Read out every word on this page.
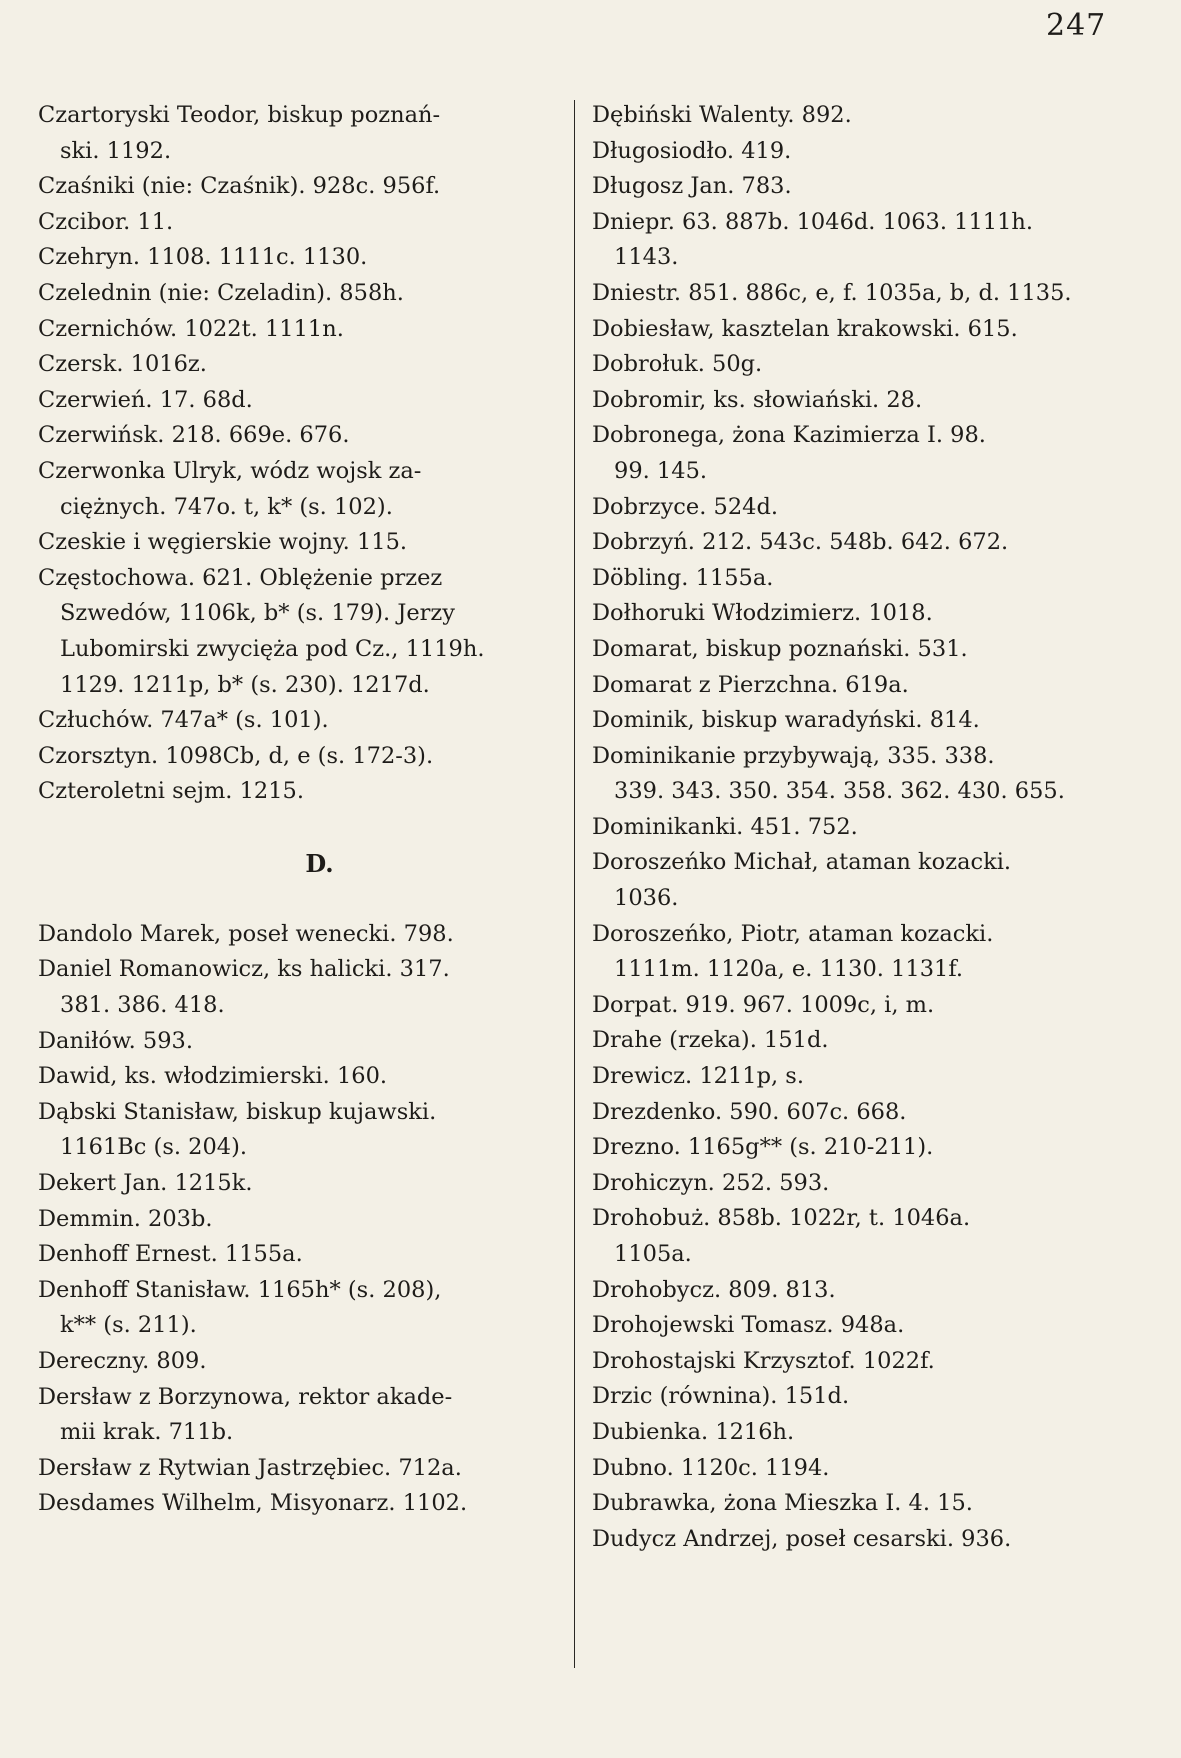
247
Czartoryski Teodor, biskup poznań-
ski. 1192.
Czaśniki (nie: Czaśnik). 928c. 956f.
Czcibor. 11.
Czehryn. 1108. 1111c. 1130.
Czelednin (nie: Czeladin). 858h.
Czernichów. 1022t. 1111n.
Czersk. 1016z.
Czerwień. 17. 68d.
Czerwińsk. 218. 669e. 676.
Czerwonka Ulryk, wódz wojsk za-
ciężnych. 747o. t, k* (s. 102).
Czeskie i węgierskie wojny. 115.
Częstochowa. 621. Oblężenie przez
Szwedów, 1106k, b* (s. 179). Jerzy
Lubomirski zwycięża pod Cz., 1119h.
1129. 1211p, b* (s. 230). 1217d.
Człuchów. 747a* (s. 101).
Czorsztyn. 1098Cb, d, e (s. 172-3).
Czteroletni sejm. 1215.
D.
Dandolo Marek, poseł wenecki. 798.
Daniel Romanowicz, ks halicki. 317.
381. 386. 418.
Daniłów. 593.
Dawid, ks. włodzimierski. 160.
Dąbski Stanisław, biskup kujawski.
1161Bc (s. 204).
Dekert Jan. 1215k.
Demmin. 203b.
Denhoff Ernest. 1155a.
Denhoff Stanisław. 1165h* (s. 208),
k** (s. 211).
Dereczny. 809.
Dersław z Borzynowa, rektor akade-
mii krak. 711b.
Dersław z Rytwian Jastrzębiec. 712a.
Desdames Wilhelm, Misyonarz. 1102.
Dębiński Walenty. 892.
Długosiodło. 419.
Długosz Jan. 783.
Dniepr. 63. 887b. 1046d. 1063. 1111h.
1143.
Dniestr. 851. 886c, e, f. 1035a, b, d. 1135.
Dobiesław, kasztelan krakowski. 615.
Dobrołuk. 50g.
Dobromir, ks. słowiański. 28.
Dobronega, żona Kazimierza I. 98.
99. 145.
Dobrzyce. 524d.
Dobrzyń. 212. 543c. 548b. 642. 672.
Döbling. 1155a.
Dołhoruki Włodzimierz. 1018.
Domarat, biskup poznański. 531.
Domarat z Pierzchna. 619a.
Dominik, biskup waradyński. 814.
Dominikanie przybywają, 335. 338.
339. 343. 350. 354. 358. 362. 430. 655.
Dominikanki. 451. 752.
Doroszeńko Michał, ataman kozacki.
1036.
Doroszeńko, Piotr, ataman kozacki.
1111m. 1120a, e. 1130. 1131f.
Dorpat. 919. 967. 1009c, i, m.
Drahe (rzeka). 151d.
Drewicz. 1211p, s.
Drezdenko. 590. 607c. 668.
Drezno. 1165g** (s. 210-211).
Drohiczyn. 252. 593.
Drohobuż. 858b. 1022r, t. 1046a.
1105a.
Drohobycz. 809. 813.
Drohojewski Tomasz. 948a.
Drohostajski Krzysztof. 1022f.
Drzic (równina). 151d.
Dubienka. 1216h.
Dubno. 1120c. 1194.
Dubrawka, żona Mieszka I. 4. 15.
Dudycz Andrzej, poseł cesarski. 936.
